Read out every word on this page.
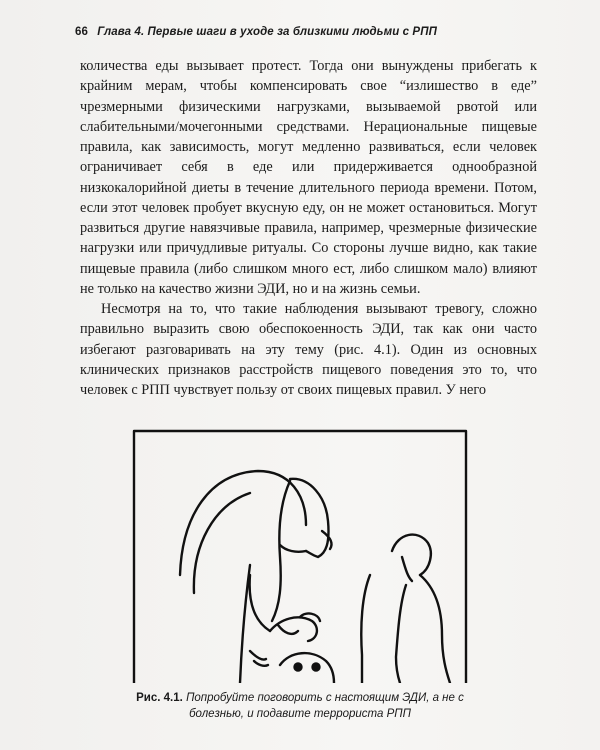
66 Глава 4. Первые шаги в уходе за близкими людьми с РПП

количества еды вызывает протест. Тогда они вынуждены прибегать к крайним мерам, чтобы компенсировать свое “излишество в еде” чрезмерными физическими нагрузками, вызываемой рвотой или слабительными/мочегонными средствами. Нерациональные пищевые правила, как зависимость, могут медленно развиваться, если человек ограничивает себя в еде или придерживается однообразной низкокалорийной диеты в течение длительного периода времени. Потом, если этот человек пробует вкусную еду, он не может остановиться. Могут развиться другие навязчивые правила, например, чрезмерные физические нагрузки или причудливые ритуалы. Со стороны лучше видно, как такие пищевые правила (либо слишком много ест, либо слишком мало) влияют не только на качество жизни ЭДИ, но и на жизнь семьи.

Несмотря на то, что такие наблюдения вызывают тревогу, сложно правильно выразить свою обеспокоенность ЭДИ, так как они часто избегают разговаривать на эту тему (рис. 4.1). Один из основных клинических признаков расстройств пищевого поведения это то, что человек с РПП чувствует пользу от своих пищевых правил. У него

Рис. 4.1. Попробуйте поговорить с настоящим ЭДИ, а не с болезнью, и подавите террориста РПП
